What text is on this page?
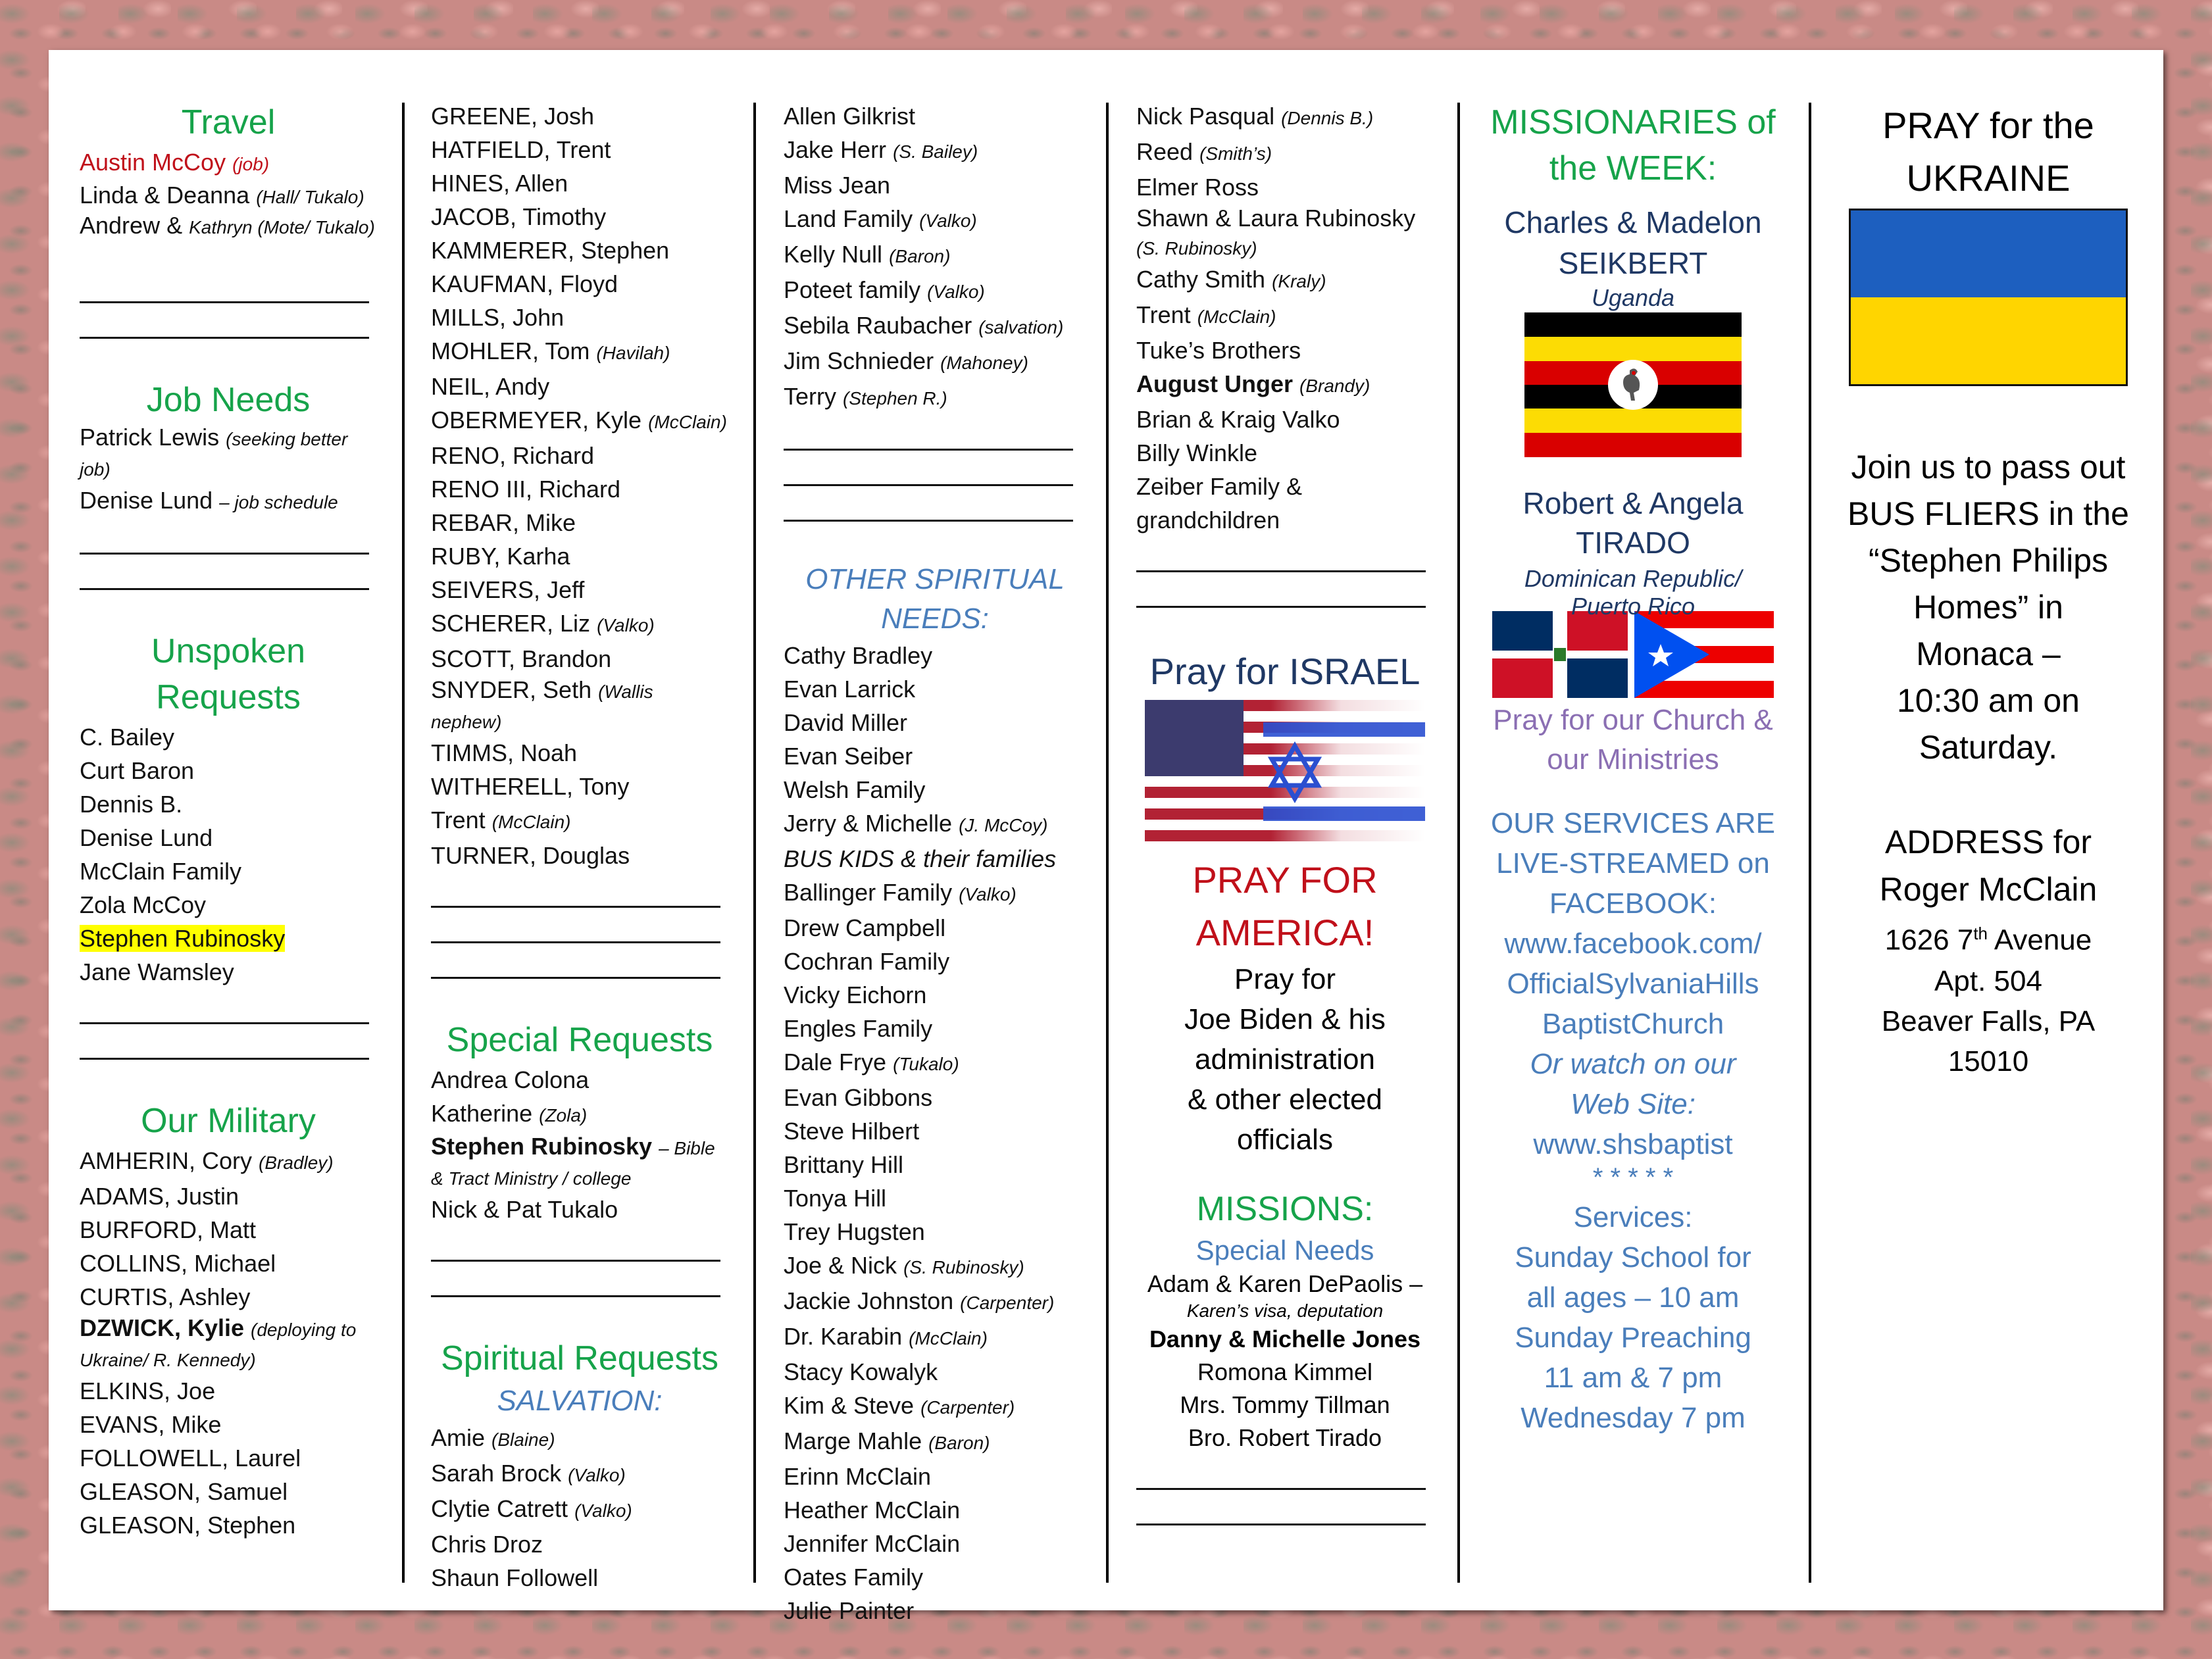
Travel
Austin McCoy (job)
Linda & Deanna (Hall/ Tukalo)
Andrew & Kathryn (Mote/ Tukalo)
Job Needs
Patrick Lewis (seeking better job)
Denise Lund – job schedule
Unspoken
Requests
C. Bailey
Curt Baron
Dennis B.
Denise Lund
McClain Family
Zola McCoy
Stephen Rubinosky
Jane Wamsley
Our Military
AMHERIN, Cory (Bradley)
ADAMS, Justin
BURFORD, Matt
COLLINS, Michael
CURTIS, Ashley
DZWICK, Kylie (deploying to Ukraine/ R. Kennedy)
ELKINS, Joe
EVANS, Mike
FOLLOWELL, Laurel
GLEASON, Samuel
GLEASON, Stephen
GREENE, Josh
HATFIELD, Trent
HINES, Allen
JACOB, Timothy
KAMMERER, Stephen
KAUFMAN, Floyd
MILLS, John
MOHLER, Tom (Havilah)
NEIL, Andy
OBERMEYER, Kyle (McClain)
RENO, Richard
RENO III, Richard
REBAR, Mike
RUBY, Karha
SEIVERS, Jeff
SCHERER, Liz (Valko)
SCOTT, Brandon
SNYDER, Seth (Wallis nephew)
TIMMS, Noah
WITHERELL, Tony
Trent (McClain)
TURNER, Douglas
Special Requests
Andrea Colona
Katherine (Zola)
Stephen Rubinosky – Bible & Tract Ministry / college
Nick & Pat Tukalo
Spiritual Requests
SALVATION:
Amie (Blaine)
Sarah Brock (Valko)
Clytie Catrett (Valko)
Chris Droz
Shaun Followell
Allen Gilkrist
Jake Herr (S. Bailey)
Miss Jean
Land Family (Valko)
Kelly Null (Baron)
Poteet family (Valko)
Sebila Raubacher (salvation)
Jim Schnieder (Mahoney)
Terry (Stephen R.)
OTHER SPIRITUAL
NEEDS:
Cathy Bradley
Evan Larrick
David Miller
Evan Seiber
Welsh Family
Jerry & Michelle (J. McCoy)
BUS KIDS & their families
Ballinger Family (Valko)
Drew Campbell
Cochran Family
Vicky Eichorn
Engles Family
Dale Frye (Tukalo)
Evan Gibbons
Steve Hilbert
Brittany Hill
Tonya Hill
Trey Hugsten
Joe & Nick (S. Rubinosky)
Jackie Johnston (Carpenter)
Dr. Karabin (McClain)
Stacy Kowalyk
Kim & Steve (Carpenter)
Marge Mahle (Baron)
Erinn McClain
Heather McClain
Jennifer McClain
Oates Family
Julie Painter
Nick Pasqual (Dennis B.)
Reed (Smith’s)
Elmer Ross
Shawn & Laura Rubinosky (S. Rubinosky)
Cathy Smith (Kraly)
Trent (McClain)
Tuke’s Brothers
August Unger (Brandy)
Brian & Kraig Valko
Billy Winkle
Zeiber Family &
grandchildren
Pray for ISRAEL
PRAY FOR
AMERICA!
Pray for
Joe Biden & his
administration
& other elected
officials
MISSIONS:
Special Needs
Adam & Karen DePaolis –
Karen’s visa, deputation
Danny & Michelle Jones
Romona Kimmel
Mrs. Tommy Tillman
Bro. Robert Tirado
MISSIONARIES of
the WEEK:
Charles & Madelon
SEIKBERT
Uganda
Robert & Angela
TIRADO
Dominican Republic/
Puerto Rico
Pray for our Church &
our Ministries
OUR SERVICES ARE
LIVE-STREAMED on
FACEBOOK:
www.facebook.com/
OfficialSylvaniaHills
BaptistChurch
Or watch on our
Web Site:
www.shsbaptist
* * * * *
Services:
Sunday School for
all ages – 10 am
Sunday Preaching
11 am & 7 pm
Wednesday 7 pm
PRAY for the
UKRAINE
Join us to pass out
BUS FLIERS in the
“Stephen Philips
Homes” in
Monaca –
10:30 am on
Saturday.
ADDRESS for
Roger McClain
1626 7th Avenue
Apt. 504
Beaver Falls, PA
15010
